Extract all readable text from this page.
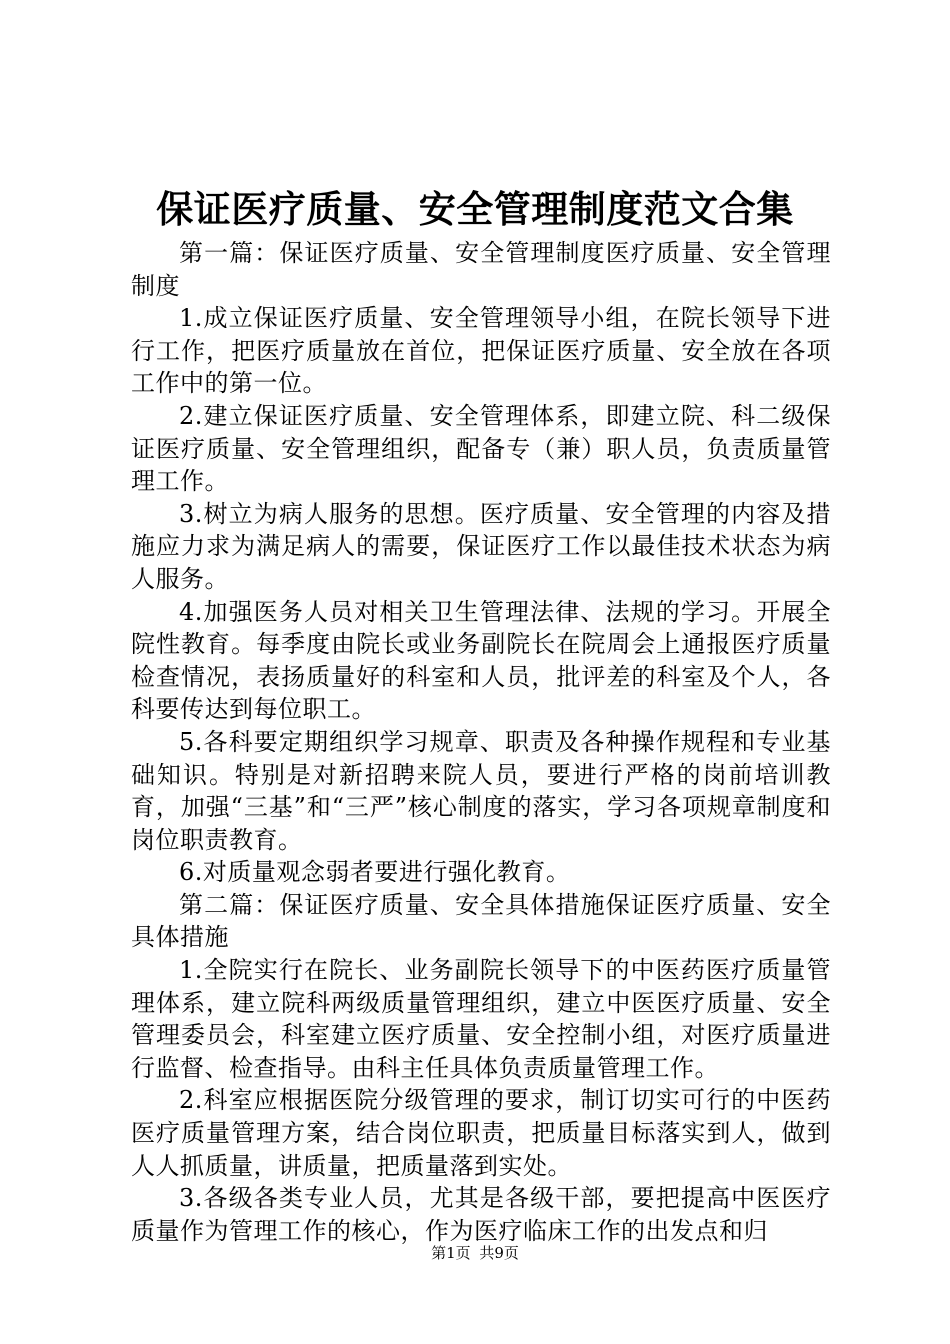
保证医疗质量、安全管理制度范文合集

第一篇：保证医疗质量、安全管理制度医疗质量、安全管理制度

1.成立保证医疗质量、安全管理领导小组，在院长领导下进行工作，把医疗质量放在首位，把保证医疗质量、安全放在各项工作中的第一位。

2.建立保证医疗质量、安全管理体系，即建立院、科二级保证医疗质量、安全管理组织，配备专（兼）职人员，负责质量管理工作。

3.树立为病人服务的思想。医疗质量、安全管理的内容及措施应力求为满足病人的需要，保证医疗工作以最佳技术状态为病人服务。

4.加强医务人员对相关卫生管理法律、法规的学习。开展全院性教育。每季度由院长或业务副院长在院周会上通报医疗质量检查情况，表扬质量好的科室和人员，批评差的科室及个人，各科要传达到每位职工。

5.各科要定期组织学习规章、职责及各种操作规程和专业基础知识。特别是对新招聘来院人员，要进行严格的岗前培训教育，加强“三基”和“三严”核心制度的落实，学习各项规章制度和岗位职责教育。

6.对质量观念弱者要进行强化教育。

第二篇：保证医疗质量、安全具体措施保证医疗质量、安全具体措施

1.全院实行在院长、业务副院长领导下的中医药医疗质量管理体系，建立院科两级质量管理组织，建立中医医疗质量、安全管理委员会，科室建立医疗质量、安全控制小组，对医疗质量进行监督、检查指导。由科主任具体负责质量管理工作。

2.科室应根据医院分级管理的要求，制订切实可行的中医药医疗质量管理方案，结合岗位职责，把质量目标落实到人，做到人人抓质量，讲质量，把质量落到实处。

3.各级各类专业人员，尤其是各级干部，要把提高中医医疗质量作为管理工作的核心，作为医疗临床工作的出发点和归

第1页 共9页
